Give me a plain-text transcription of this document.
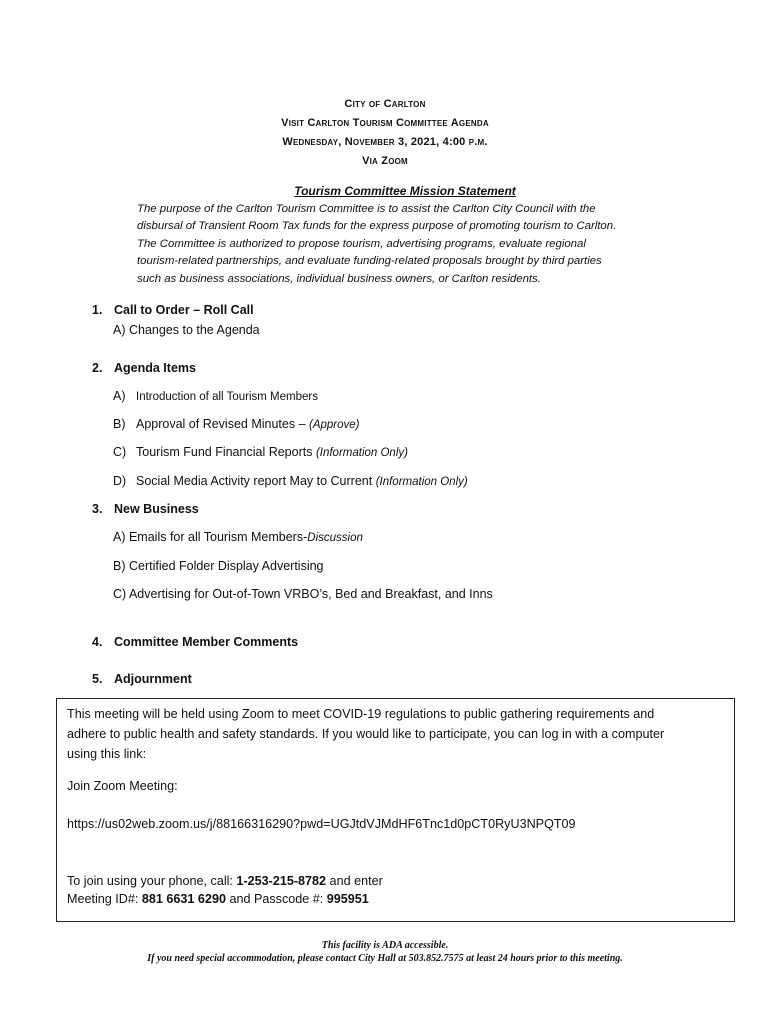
City of Carlton
Visit Carlton Tourism Committee Agenda
Wednesday, November 3, 2021, 4:00 p.m.
Via Zoom
Tourism Committee Mission Statement
The purpose of the Carlton Tourism Committee is to assist the Carlton City Council with the
disbursal of Transient Room Tax funds for the express purpose of promoting tourism to Carlton.
The Committee is authorized to propose tourism, advertising programs, evaluate regional
tourism-related partnerships, and evaluate funding-related proposals brought by third parties
such as business associations, individual business owners, or Carlton residents.
1. Call to Order – Roll Call
A) Changes to the Agenda
2. Agenda Items
A) Introduction of all Tourism Members
B) Approval of Revised Minutes – (Approve)
C) Tourism Fund Financial Reports (Information Only)
D) Social Media Activity report May to Current (Information Only)
3. New Business
A) Emails for all Tourism Members-Discussion
B) Certified Folder Display Advertising
C) Advertising for Out-of-Town VRBO’s, Bed and Breakfast, and Inns
4. Committee Member Comments
5. Adjournment
This meeting will be held using Zoom to meet COVID-19 regulations to public gathering requirements and
adhere to public health and safety standards. If you would like to participate, you can log in with a computer
using this link:
Join Zoom Meeting:
https://us02web.zoom.us/j/88166316290?pwd=UGJtdVJMdHF6Tnc1d0pCT0RyU3NPQT09
To join using your phone, call: 1-253-215-8782 and enter
Meeting ID#: 881 6631 6290 and Passcode #: 995951
This facility is ADA accessible.
If you need special accommodation, please contact City Hall at 503.852.7575 at least 24 hours prior to this meeting.
